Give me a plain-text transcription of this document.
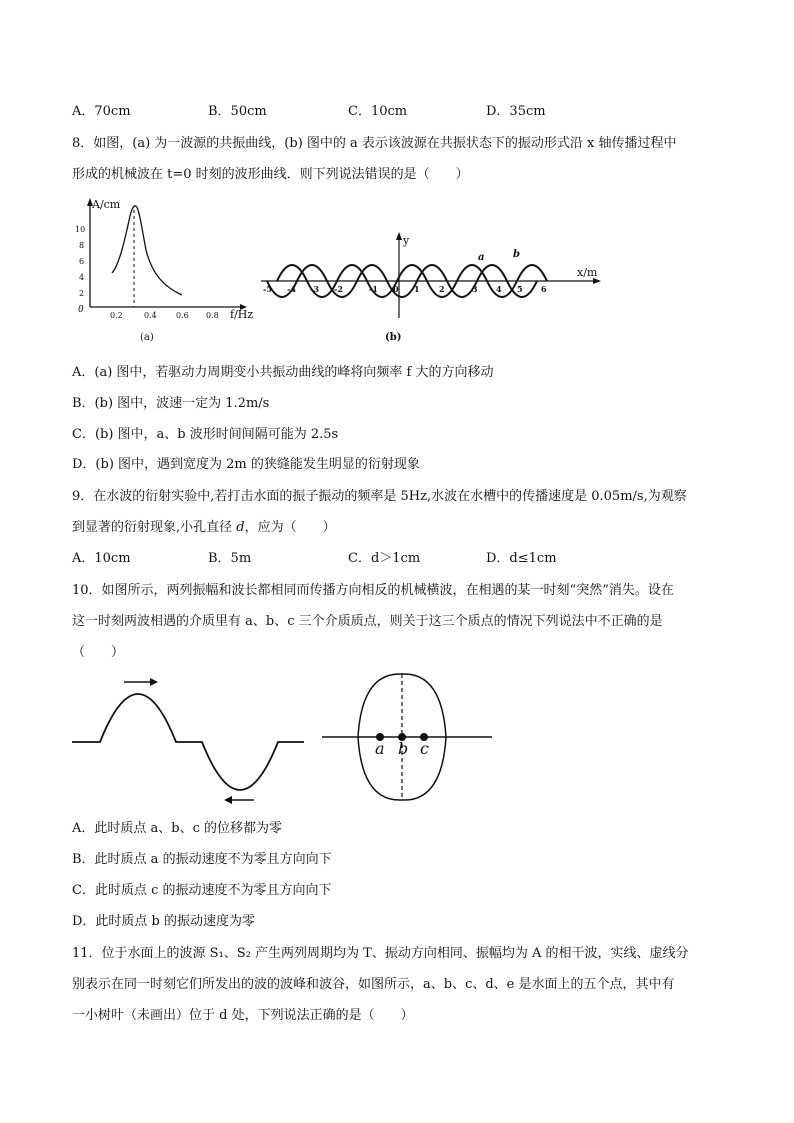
A．70cm	B．50cm	C．10cm	D．35cm
8．如图，(a) 为一波源的共振曲线，(b) 图中的 a 表示该波源在共振状态下的振动形式沿 x 轴传播过程中
形成的机械波在 t=0 时刻的波形曲线．则下列说法错误的是（　　）
A/cm
f/Hz
0
2
4
6
8
10
0.2	0.4 0.6 0.8
(a)
y
x/m
0
-5 -4 -3 -2	-1	1 2	3 4 5 6
a	b
(b)
A．(a) 图中，若驱动力周期变小共振动曲线的峰将向频率 f 大的方向移动
B．(b) 图中，波速一定为 1.2m/s
C．(b) 图中，a、b 波形时间间隔可能为 2.5s
D．(b) 图中，遇到宽度为 2m 的狭缝能发生明显的衍射现象
9．在水波的衍射实验中,若打击水面的振子振动的频率是 5Hz,水波在水槽中的传播速度是 0.05m/s,为观察
到显著的衍射现象,小孔直径 d，应为（　　）
A．10cm	B．5m	C．d＞1cm	D．d≤1cm
10．如图所示，两列振幅和波长都相同而传播方向相反的机械横波，在相遇的某一时刻“突然”消失。设在
这一时刻两波相遇的介质里有 a、b、c 三个介质质点，则关于这三个质点的情况下列说法中不正确的是
（　　）
a b c
A．此时质点 a、b、c 的位移都为零
B．此时质点 a 的振动速度不为零且方向向下
C．此时质点 c 的振动速度不为零且方向向下
D．此时质点 b 的振动速度为零
11．位于水面上的波源 S₁、S₂ 产生两列周期均为 T、振动方向相同、振幅均为 A 的相干波，实线、虚线分
别表示在同一时刻它们所发出的波的波峰和波谷，如图所示，a、b、c、d、e 是水面上的五个点，其中有
一小树叶（未画出）位于 d 处，下列说法正确的是（　　）
